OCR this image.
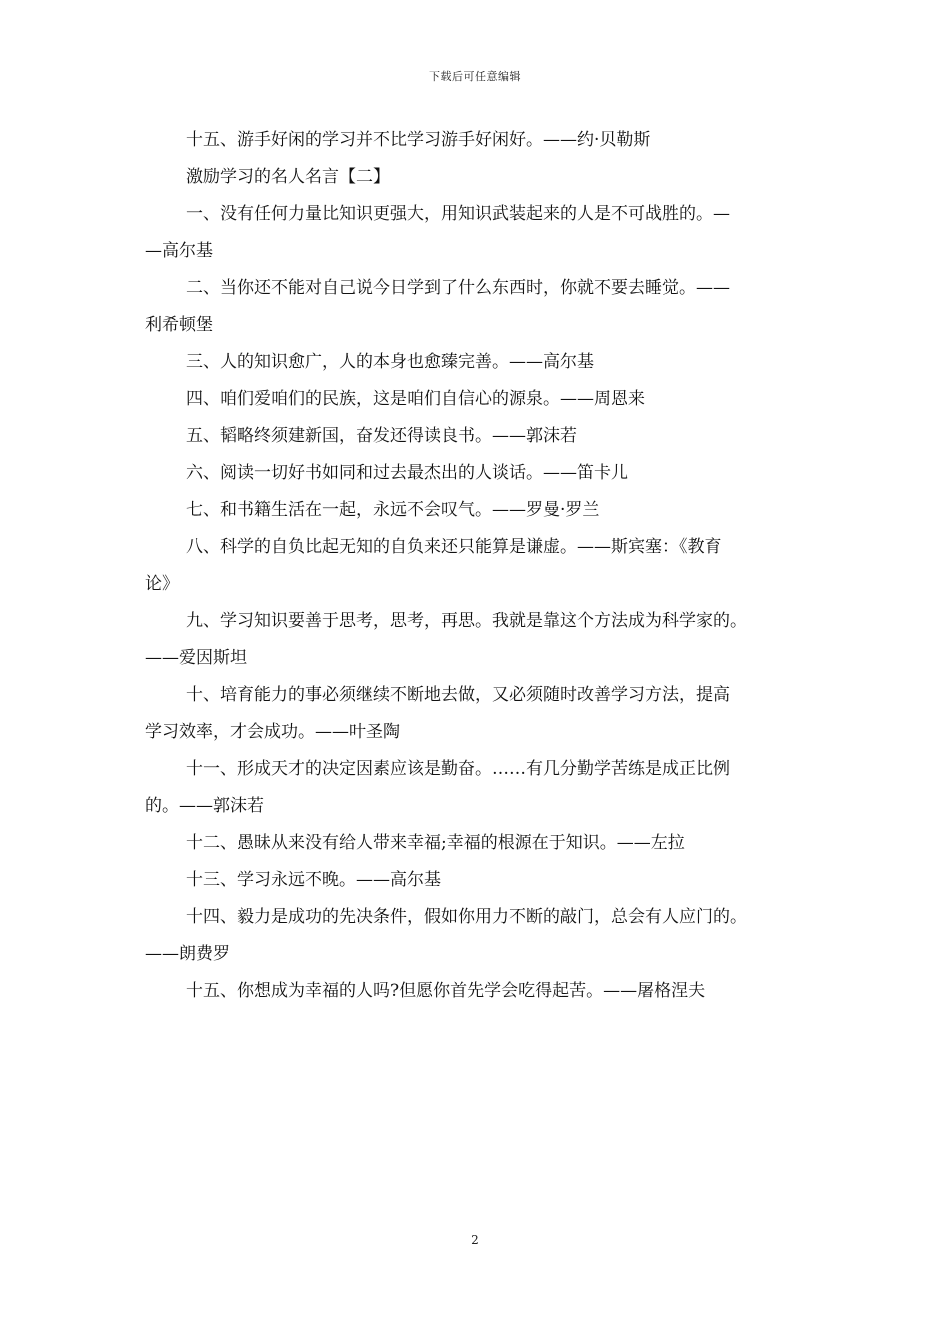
下载后可任意编辑
十五、游手好闲的学习并不比学习游手好闲好。——约·贝勒斯
激励学习的名人名言【二】
一、没有任何力量比知识更强大，用知识武装起来的人是不可战胜的。—
—高尔基
二、当你还不能对自己说今日学到了什么东西时，你就不要去睡觉。——
利希顿堡
三、人的知识愈广，人的本身也愈臻完善。——高尔基
四、咱们爱咱们的民族，这是咱们自信心的源泉。——周恩来
五、韬略终须建新国，奋发还得读良书。——郭沫若
六、阅读一切好书如同和过去最杰出的人谈话。——笛卡儿
七、和书籍生活在一起，永远不会叹气。——罗曼·罗兰
八、科学的自负比起无知的自负来还只能算是谦虚。——斯宾塞：《教育
论》
九、学习知识要善于思考，思考，再思。我就是靠这个方法成为科学家的。
——爱因斯坦
十、培育能力的事必须继续不断地去做，又必须随时改善学习方法，提高
学习效率，才会成功。——叶圣陶
十一、形成天才的决定因素应该是勤奋。……有几分勤学苦练是成正比例
的。——郭沫若
十二、愚昧从来没有给人带来幸福;幸福的根源在于知识。——左拉
十三、学习永远不晚。——高尔基
十四、毅力是成功的先决条件，假如你用力不断的敲门，总会有人应门的。
——朗费罗
十五、你想成为幸福的人吗?但愿你首先学会吃得起苦。——屠格涅夫
2
